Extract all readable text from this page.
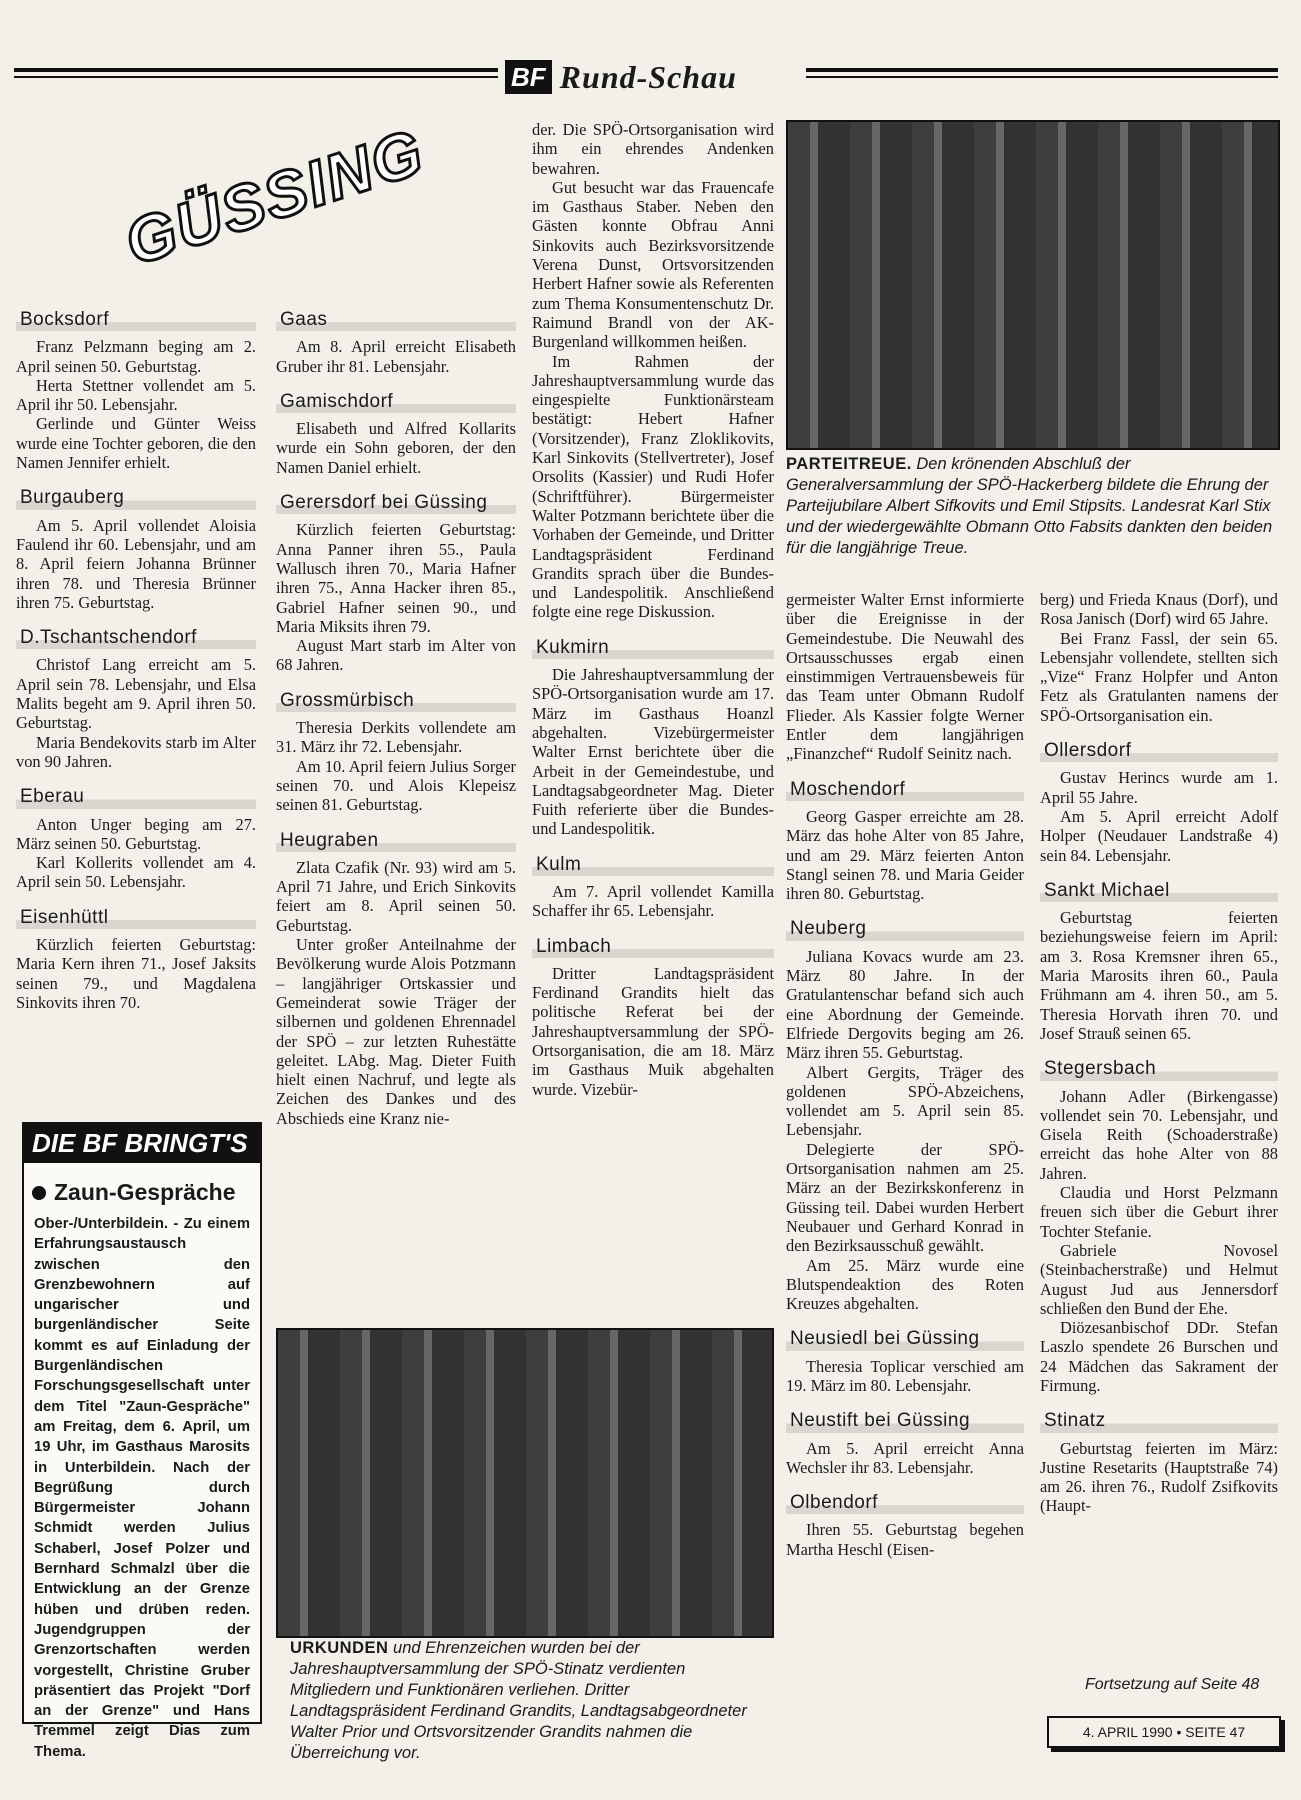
BF Rund-Schau
GÜSSING
Bocksdorf

Franz Pelzmann beging am 2. April seinen 50. Geburtstag.

Herta Stettner vollendet am 5. April ihr 50. Lebensjahr.

Gerlinde und Günter Weiss wurde eine Tochter geboren, die den Namen Jennifer erhielt.

Burgauberg

Am 5. April vollendet Aloisia Faulend ihr 60. Lebensjahr, und am 8. April feiern Johanna Brünner ihren 78. und Theresia Brünner ihren 75. Geburtstag.

D.Tschantschendorf

Christof Lang erreicht am 5. April sein 78. Lebensjahr, und Elsa Malits begeht am 9. April ihren 50. Geburtstag.

Maria Bendekovits starb im Alter von 90 Jahren.

Eberau

Anton Unger beging am 27. März seinen 50. Geburtstag.

Karl Kollerits vollendet am 4. April sein 50. Lebensjahr.

Eisenhüttl

Kürzlich feierten Geburtstag: Maria Kern ihren 71., Josef Jaksits seinen 79., und Magdalena Sinkovits ihren 70.

Gaas

Am 8. April erreicht Elisabeth Gruber ihr 81. Lebensjahr.

Gamischdorf

Elisabeth und Alfred Kollarits wurde ein Sohn geboren, der den Namen Daniel erhielt.

Gerersdorf bei Güssing

Kürzlich feierten Geburtstag: Anna Panner ihren 55., Paula Wallusch ihren 70., Maria Hafner ihren 75., Anna Hacker ihren 85., Gabriel Hafner seinen 90., und Maria Miksits ihren 79.

August Mart starb im Alter von 68 Jahren.

Grossmürbisch

Theresia Derkits vollendete am 31. März ihr 72. Lebensjahr.

Am 10. April feiern Julius Sorger seinen 70. und Alois Klepeisz seinen 81. Geburtstag.

Heugraben

Zlata Czafik (Nr. 93) wird am 5. April 71 Jahre, und Erich Sinkovits feiert am 8. April seinen 50. Geburtstag.

Unter großer Anteilnahme der Bevölkerung wurde Alois Potzmann – langjähriger Ortskassier und Gemeinderat sowie Träger der silbernen und goldenen Ehrennadel der SPÖ – zur letzten Ruhestätte geleitet. LAbg. Mag. Dieter Fuith hielt einen Nachruf, und legte als Zeichen des Dankes und des Abschieds eine Kranz nie-

der. Die SPÖ-Ortsorganisation wird ihm ein ehrendes Andenken bewahren.

Gut besucht war das Frauencafe im Gasthaus Staber. Neben den Gästen konnte Obfrau Anni Sinkovits auch Bezirksvorsitzende Verena Dunst, Ortsvorsitzenden Herbert Hafner sowie als Referenten zum Thema Konsumentenschutz Dr. Raimund Brandl von der AK-Burgenland willkommen heißen.

Im Rahmen der Jahreshauptversammlung wurde das eingespielte Funktionärsteam bestätigt: Hebert Hafner (Vorsitzender), Franz Zloklikovits, Karl Sinkovits (Stellvertreter), Josef Orsolits (Kassier) und Rudi Hofer (Schriftführer). Bürgermeister Walter Potzmann berichtete über die Vorhaben der Gemeinde, und Dritter Landtagspräsident Ferdinand Grandits sprach über die Bundes- und Landespolitik. Anschließend folgte eine rege Diskussion.

Kukmirn

Die Jahreshauptversammlung der SPÖ-Ortsorganisation wurde am 17. März im Gasthaus Hoanzl abgehalten. Vizebürgermeister Walter Ernst berichtete über die Arbeit in der Gemeindestube, und Landtagsabgeordneter Mag. Dieter Fuith referierte über die Bundes- und Landespolitik.

Kulm

Am 7. April vollendet Kamilla Schaffer ihr 65. Lebensjahr.

Limbach

Dritter Landtagspräsident Ferdinand Grandits hielt das politische Referat bei der Jahreshauptversammlung der SPÖ-Ortsorganisation, die am 18. März im Gasthaus Muik abgehalten wurde. Vizebür-

germeister Walter Ernst informierte über die Ereignisse in der Gemeindestube. Die Neuwahl des Ortsausschusses ergab einen einstimmigen Vertrauensbeweis für das Team unter Obmann Rudolf Flieder. Als Kassier folgte Werner Entler dem langjährigen „Finanzchef“ Rudolf Seinitz nach.

Moschendorf

Georg Gasper erreichte am 28. März das hohe Alter von 85 Jahre, und am 29. März feierten Anton Stangl seinen 78. und Maria Geider ihren 80. Geburtstag.

Neuberg

Juliana Kovacs wurde am 23. März 80 Jahre. In der Gratulantenschar befand sich auch eine Abordnung der Gemeinde. Elfriede Dergovits beging am 26. März ihren 55. Geburtstag.

Albert Gergits, Träger des goldenen SPÖ-Abzeichens, vollendet am 5. April sein 85. Lebensjahr.

Delegierte der SPÖ-Ortsorganisation nahmen am 25. März an der Bezirkskonferenz in Güssing teil. Dabei wurden Herbert Neubauer und Gerhard Konrad in den Bezirksausschuß gewählt.

Am 25. März wurde eine Blutspendeaktion des Roten Kreuzes abgehalten.

Neusiedl bei Güssing

Theresia Toplicar verschied am 19. März im 80. Lebensjahr.

Neustift bei Güssing

Am 5. April erreicht Anna Wechsler ihr 83. Lebensjahr.

Olbendorf

Ihren 55. Geburtstag begehen Martha Heschl (Eisen-

berg) und Frieda Knaus (Dorf), und Rosa Janisch (Dorf) wird 65 Jahre.

Bei Franz Fassl, der sein 65. Lebensjahr vollendete, stellten sich „Vize“ Franz Holpfer und Anton Fetz als Gratulanten namens der SPÖ-Ortsorganisation ein.

Ollersdorf

Gustav Herincs wurde am 1. April 55 Jahre.

Am 5. April erreicht Adolf Holper (Neudauer Landstraße 4) sein 84. Lebensjahr.

Sankt Michael

Geburtstag feierten beziehungsweise feiern im April: am 3. Rosa Kremsner ihren 65., Maria Marosits ihren 60., Paula Frühmann am 4. ihren 50., am 5. Theresia Horvath ihren 70. und Josef Strauß seinen 65.

Stegersbach

Johann Adler (Birkengasse) vollendet sein 70. Lebensjahr, und Gisela Reith (Schoaderstraße) erreicht das hohe Alter von 88 Jahren.

Claudia und Horst Pelzmann freuen sich über die Geburt ihrer Tochter Stefanie.

Gabriele Novosel (Steinbacherstraße) und Helmut August Jud aus Jennersdorf schließen den Bund der Ehe.

Diözesanbischof DDr. Stefan Laszlo spendete 26 Burschen und 24 Mädchen das Sakrament der Firmung.

Stinatz

Geburtstag feierten im März: Justine Resetarits (Hauptstraße 74) am 26. ihren 76., Rudolf Zsifkovits (Haupt-

PARTEITREUE. Den krönenden Abschluß der Generalversammlung der SPÖ-Hackerberg bildete die Ehrung der Parteijubilare Albert Sifkovits und Emil Stipsits. Landesrat Karl Stix und der wiedergewählte Obmann Otto Fabsits dankten den beiden für die langjährige Treue.
URKUNDEN und Ehrenzeichen wurden bei der Jahreshauptversammlung der SPÖ-Stinatz verdienten Mitgliedern und Funktionären verliehen. Dritter Landtagspräsident Ferdinand Grandits, Landtagsabgeordneter Walter Prior und Ortsvorsitzender Grandits nahmen die Überreichung vor.
DIE BF BRINGT'S
Zaun-Gespräche
Ober-/Unterbildein. - Zu einem Erfahrungsaustausch zwischen den Grenzbewohnern auf ungarischer und burgenländischer Seite kommt es auf Einladung der Burgenländischen Forschungsgesellschaft unter dem Titel "Zaun-Gespräche" am Freitag, dem 6. April, um 19 Uhr, im Gasthaus Marosits in Unterbildein. Nach der Begrüßung durch Bürgermeister Johann Schmidt werden Julius Schaberl, Josef Polzer und Bernhard Schmalzl über die Entwicklung an der Grenze hüben und drüben reden. Jugendgruppen der Grenzortschaften werden vorgestellt, Christine Gruber präsentiert das Projekt "Dorf an der Grenze" und Hans Tremmel zeigt Dias zum Thema.
Fortsetzung auf Seite 48
4. APRIL 1990 • SEITE 47
